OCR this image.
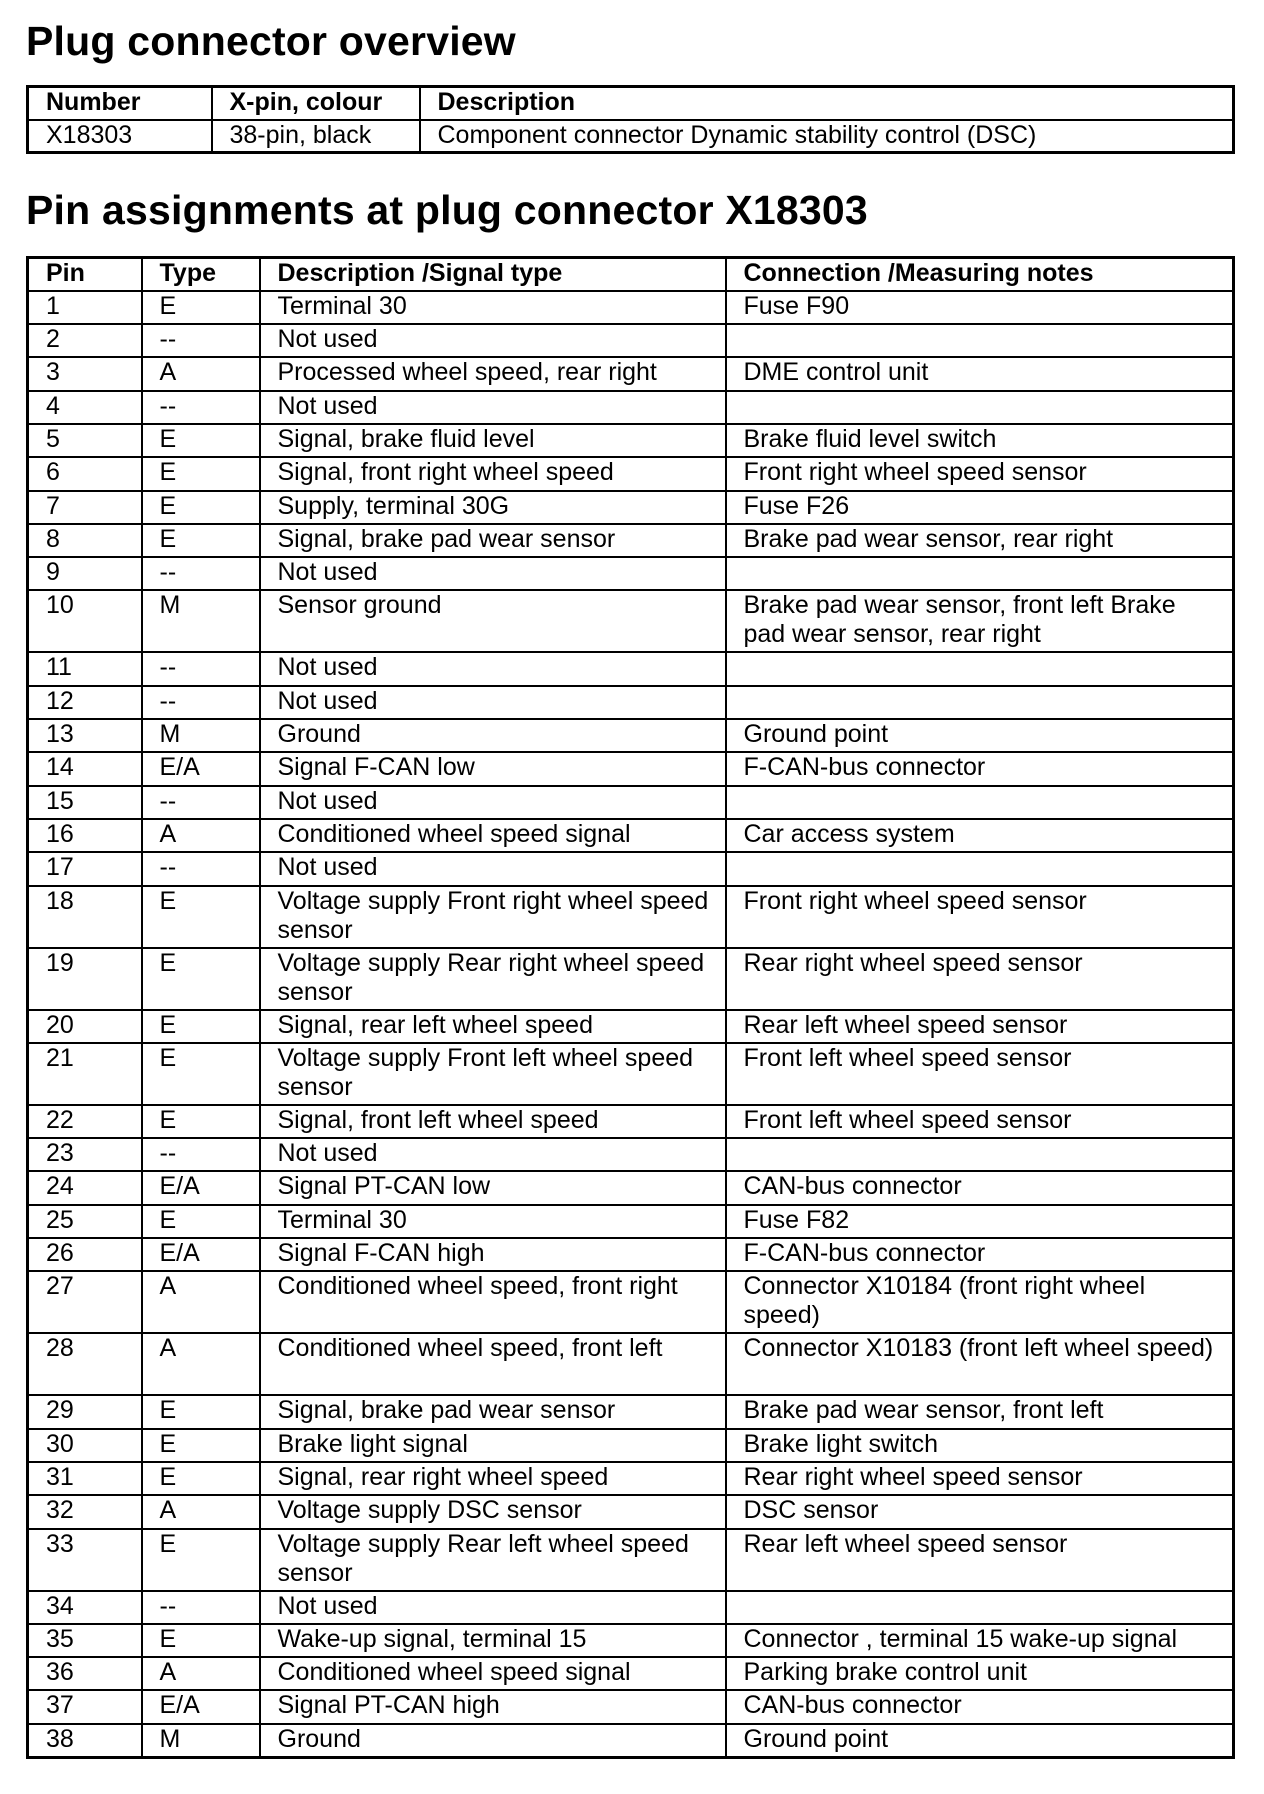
Plug connector overview
Number	X-pin, colour	Description
X18303	38-pin, black	Component connector Dynamic stability control (DSC)
Pin assignments at plug connector X18303
Pin	Type	Description /Signal type	Connection /Measuring notes
1	E	Terminal 30	Fuse F90
2	--	Not used	
3	A	Processed wheel speed, rear right	DME control unit
4	--	Not used	
5	E	Signal, brake fluid level	Brake fluid level switch
6	E	Signal, front right wheel speed	Front right wheel speed sensor
7	E	Supply, terminal 30G	Fuse F26
8	E	Signal, brake pad wear sensor	Brake pad wear sensor, rear right
9	--	Not used	
10	M	Sensor ground	Brake pad wear sensor, front left Brake pad wear sensor, rear right
11	--	Not used	
12	--	Not used	
13	M	Ground	Ground point
14	E/A	Signal F-CAN low	F-CAN-bus connector
15	--	Not used	
16	A	Conditioned wheel speed signal	Car access system
17	--	Not used	
18	E	Voltage supply Front right wheel speed sensor	Front right wheel speed sensor
19	E	Voltage supply Rear right wheel speed sensor	Rear right wheel speed sensor
20	E	Signal, rear left wheel speed	Rear left wheel speed sensor
21	E	Voltage supply Front left wheel speed sensor	Front left wheel speed sensor
22	E	Signal, front left wheel speed	Front left wheel speed sensor
23	--	Not used	
24	E/A	Signal PT-CAN low	CAN-bus connector
25	E	Terminal 30	Fuse F82
26	E/A	Signal F-CAN high	F-CAN-bus connector
27	A	Conditioned wheel speed, front right	Connector X10184 (front right wheel speed)
28	A	Conditioned wheel speed, front left	Connector X10183 (front left wheel speed)
29	E	Signal, brake pad wear sensor	Brake pad wear sensor, front left
30	E	Brake light signal	Brake light switch
31	E	Signal, rear right wheel speed	Rear right wheel speed sensor
32	A	Voltage supply DSC sensor	DSC sensor
33	E	Voltage supply Rear left wheel speed sensor	Rear left wheel speed sensor
34	--	Not used	
35	E	Wake-up signal, terminal 15	Connector , terminal 15 wake-up signal
36	A	Conditioned wheel speed signal	Parking brake control unit
37	E/A	Signal PT-CAN high	CAN-bus connector
38	M	Ground	Ground point
